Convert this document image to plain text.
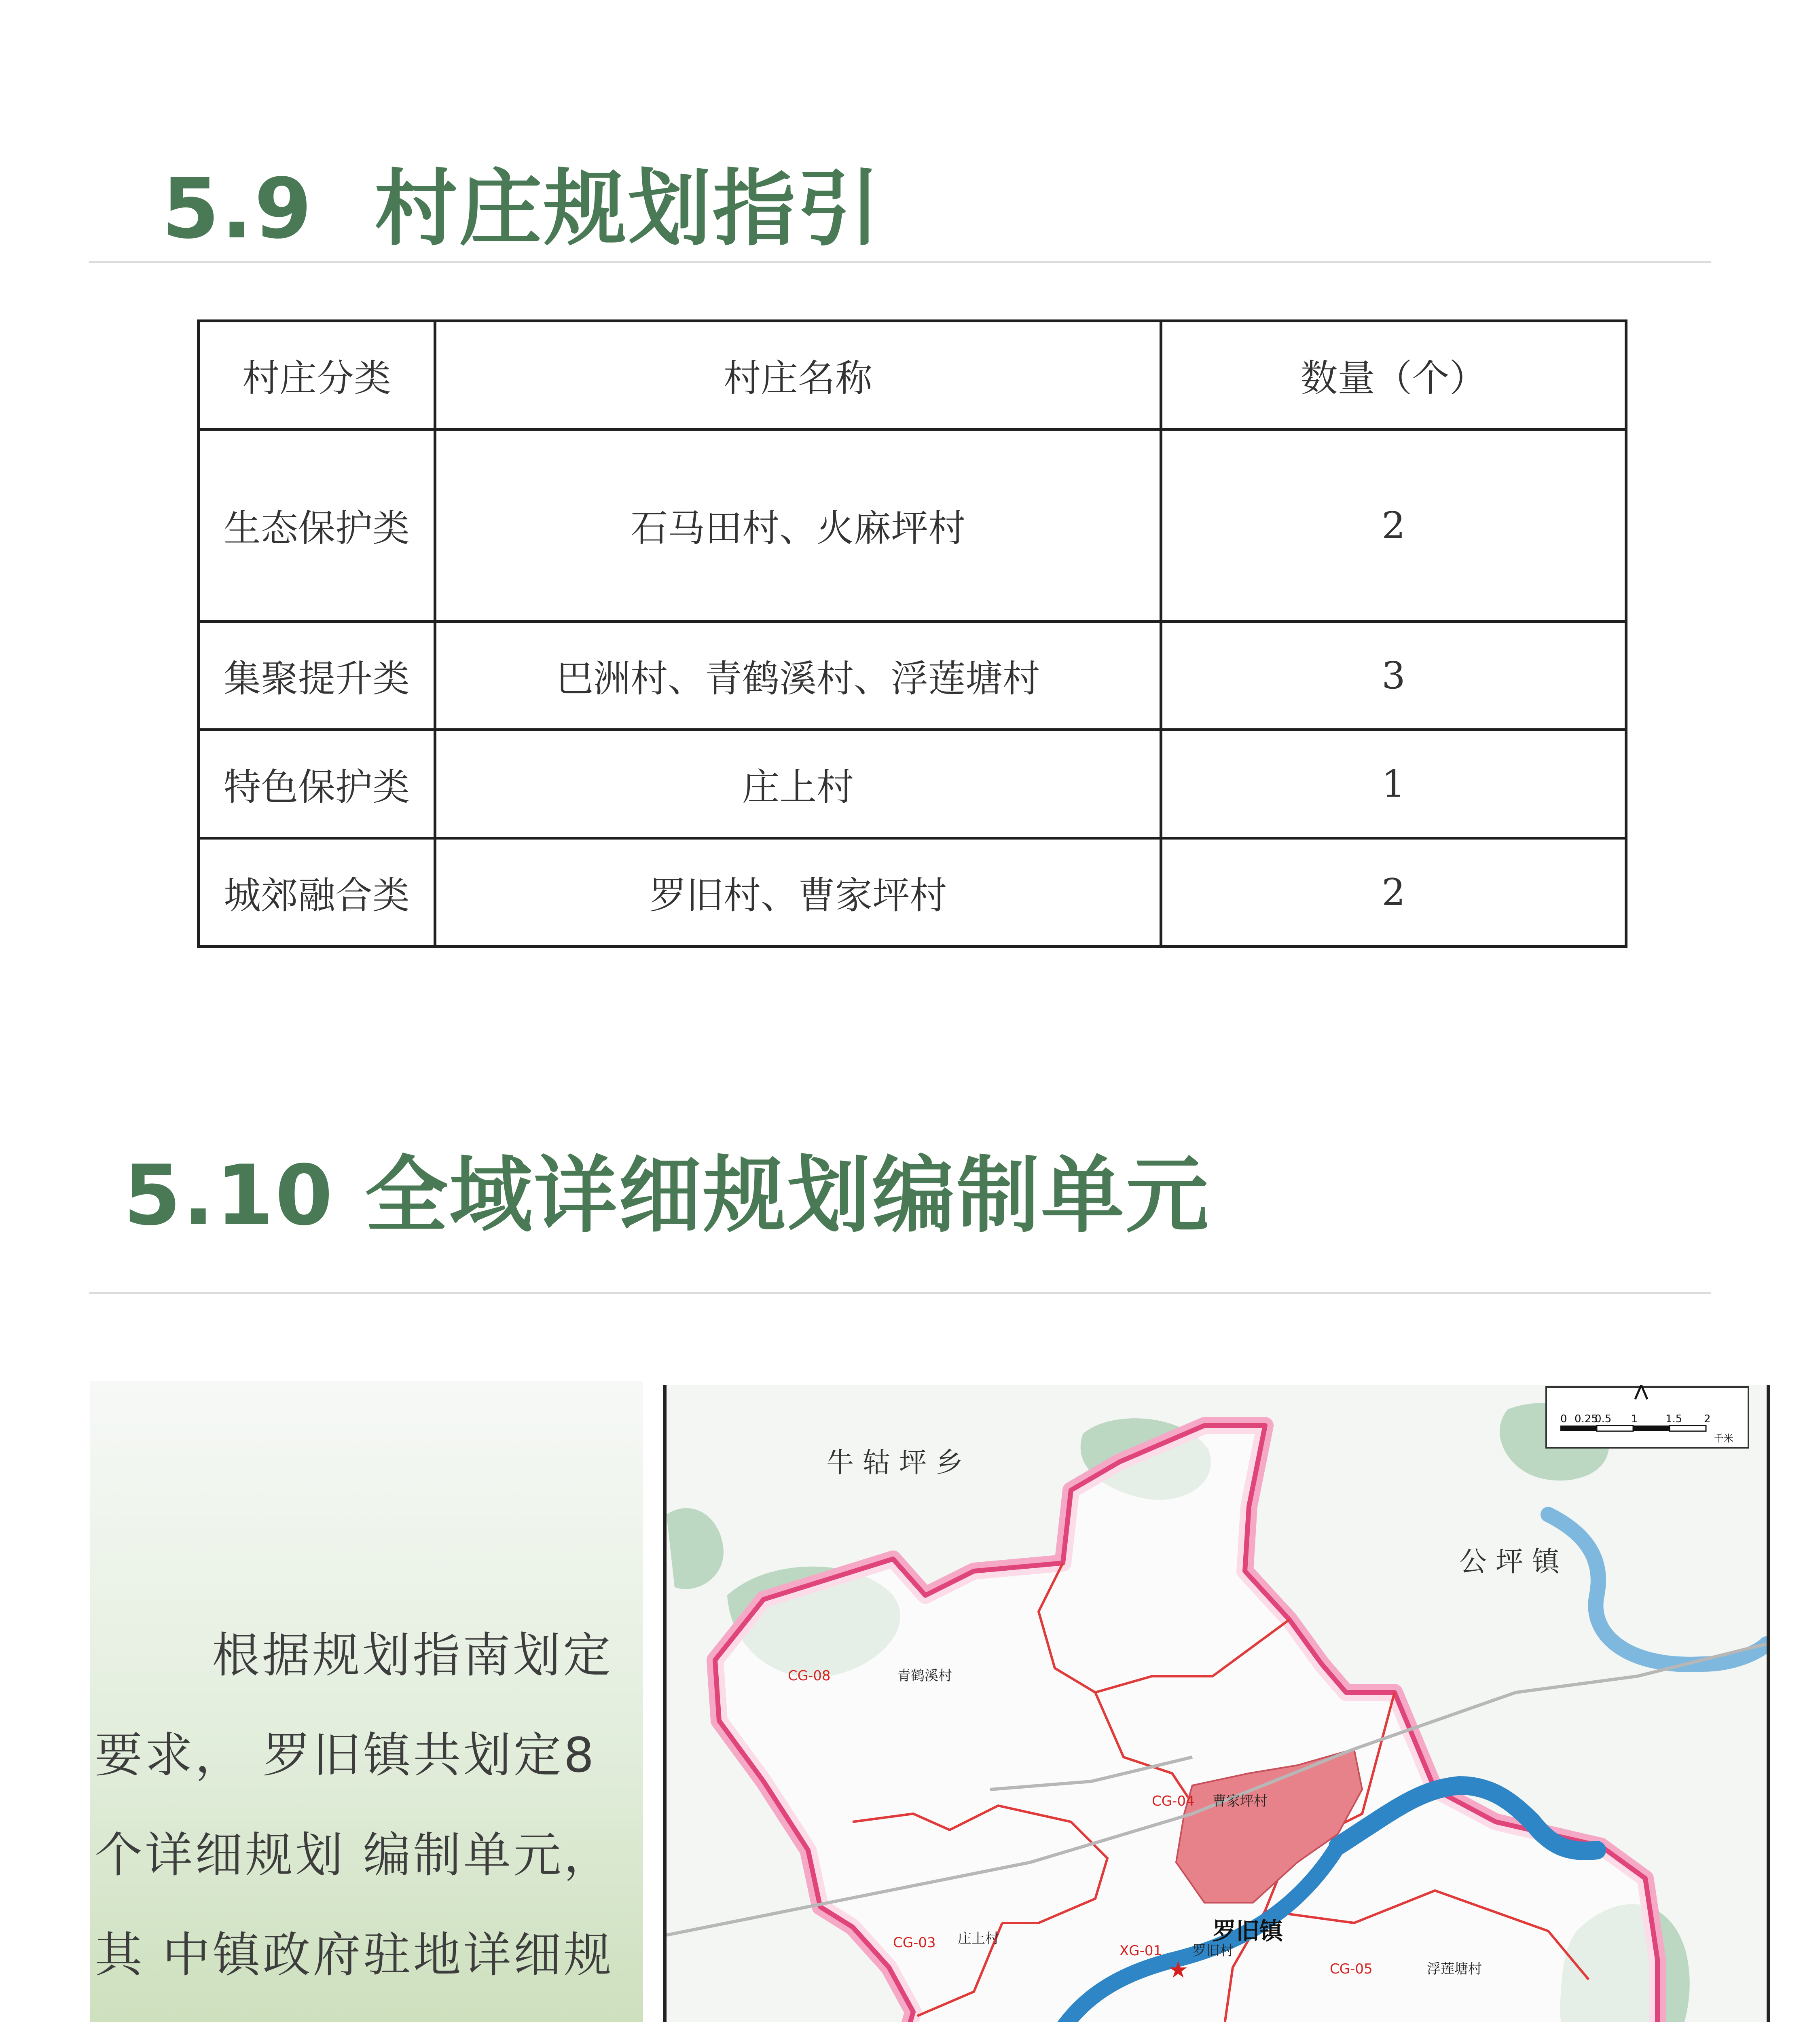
5.9 村庄规划指引
村庄分类	村庄名称	数量（个）
生态保护类	石马田村、火麻坪村	2
集聚提升类	巴洲村、青鹤溪村、浮莲塘村	3
特色保护类	庄上村	1
城郊融合类	罗旧村、曹家坪村	2
5.10 全域详细规划编制单元

根据规划指南划定要求， 罗旧镇共划定8个详细规划 编制单元， 其 中镇政府驻地详细规

0 0.25
0.5 1	1.5 2
千米
牛轱坪乡
公坪镇
罗旧镇
★
CG-08	青鹤溪村
CG-04 曹家坪村
CG-03 庄上村
XG-01 罗旧村
CG-05	浮莲塘村
